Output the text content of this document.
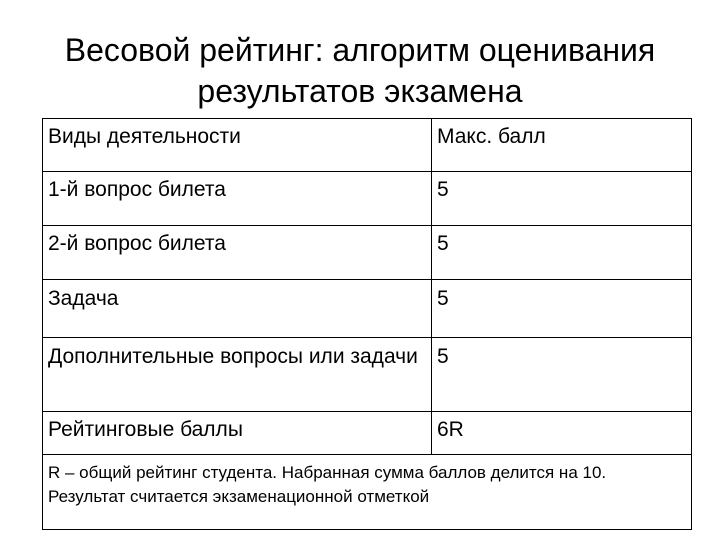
Весовой рейтинг: алгоритм оценивания результатов экзамена
Виды деятельности	Макс. балл
1-й вопрос билета	5
2-й вопрос билета	5
Задача	5
Дополнительные вопросы или задачи	5
Рейтинговые баллы	6R
R – общий рейтинг студента. Набранная сумма баллов делится на 10. Результат считается экзаменационной отметкой	
